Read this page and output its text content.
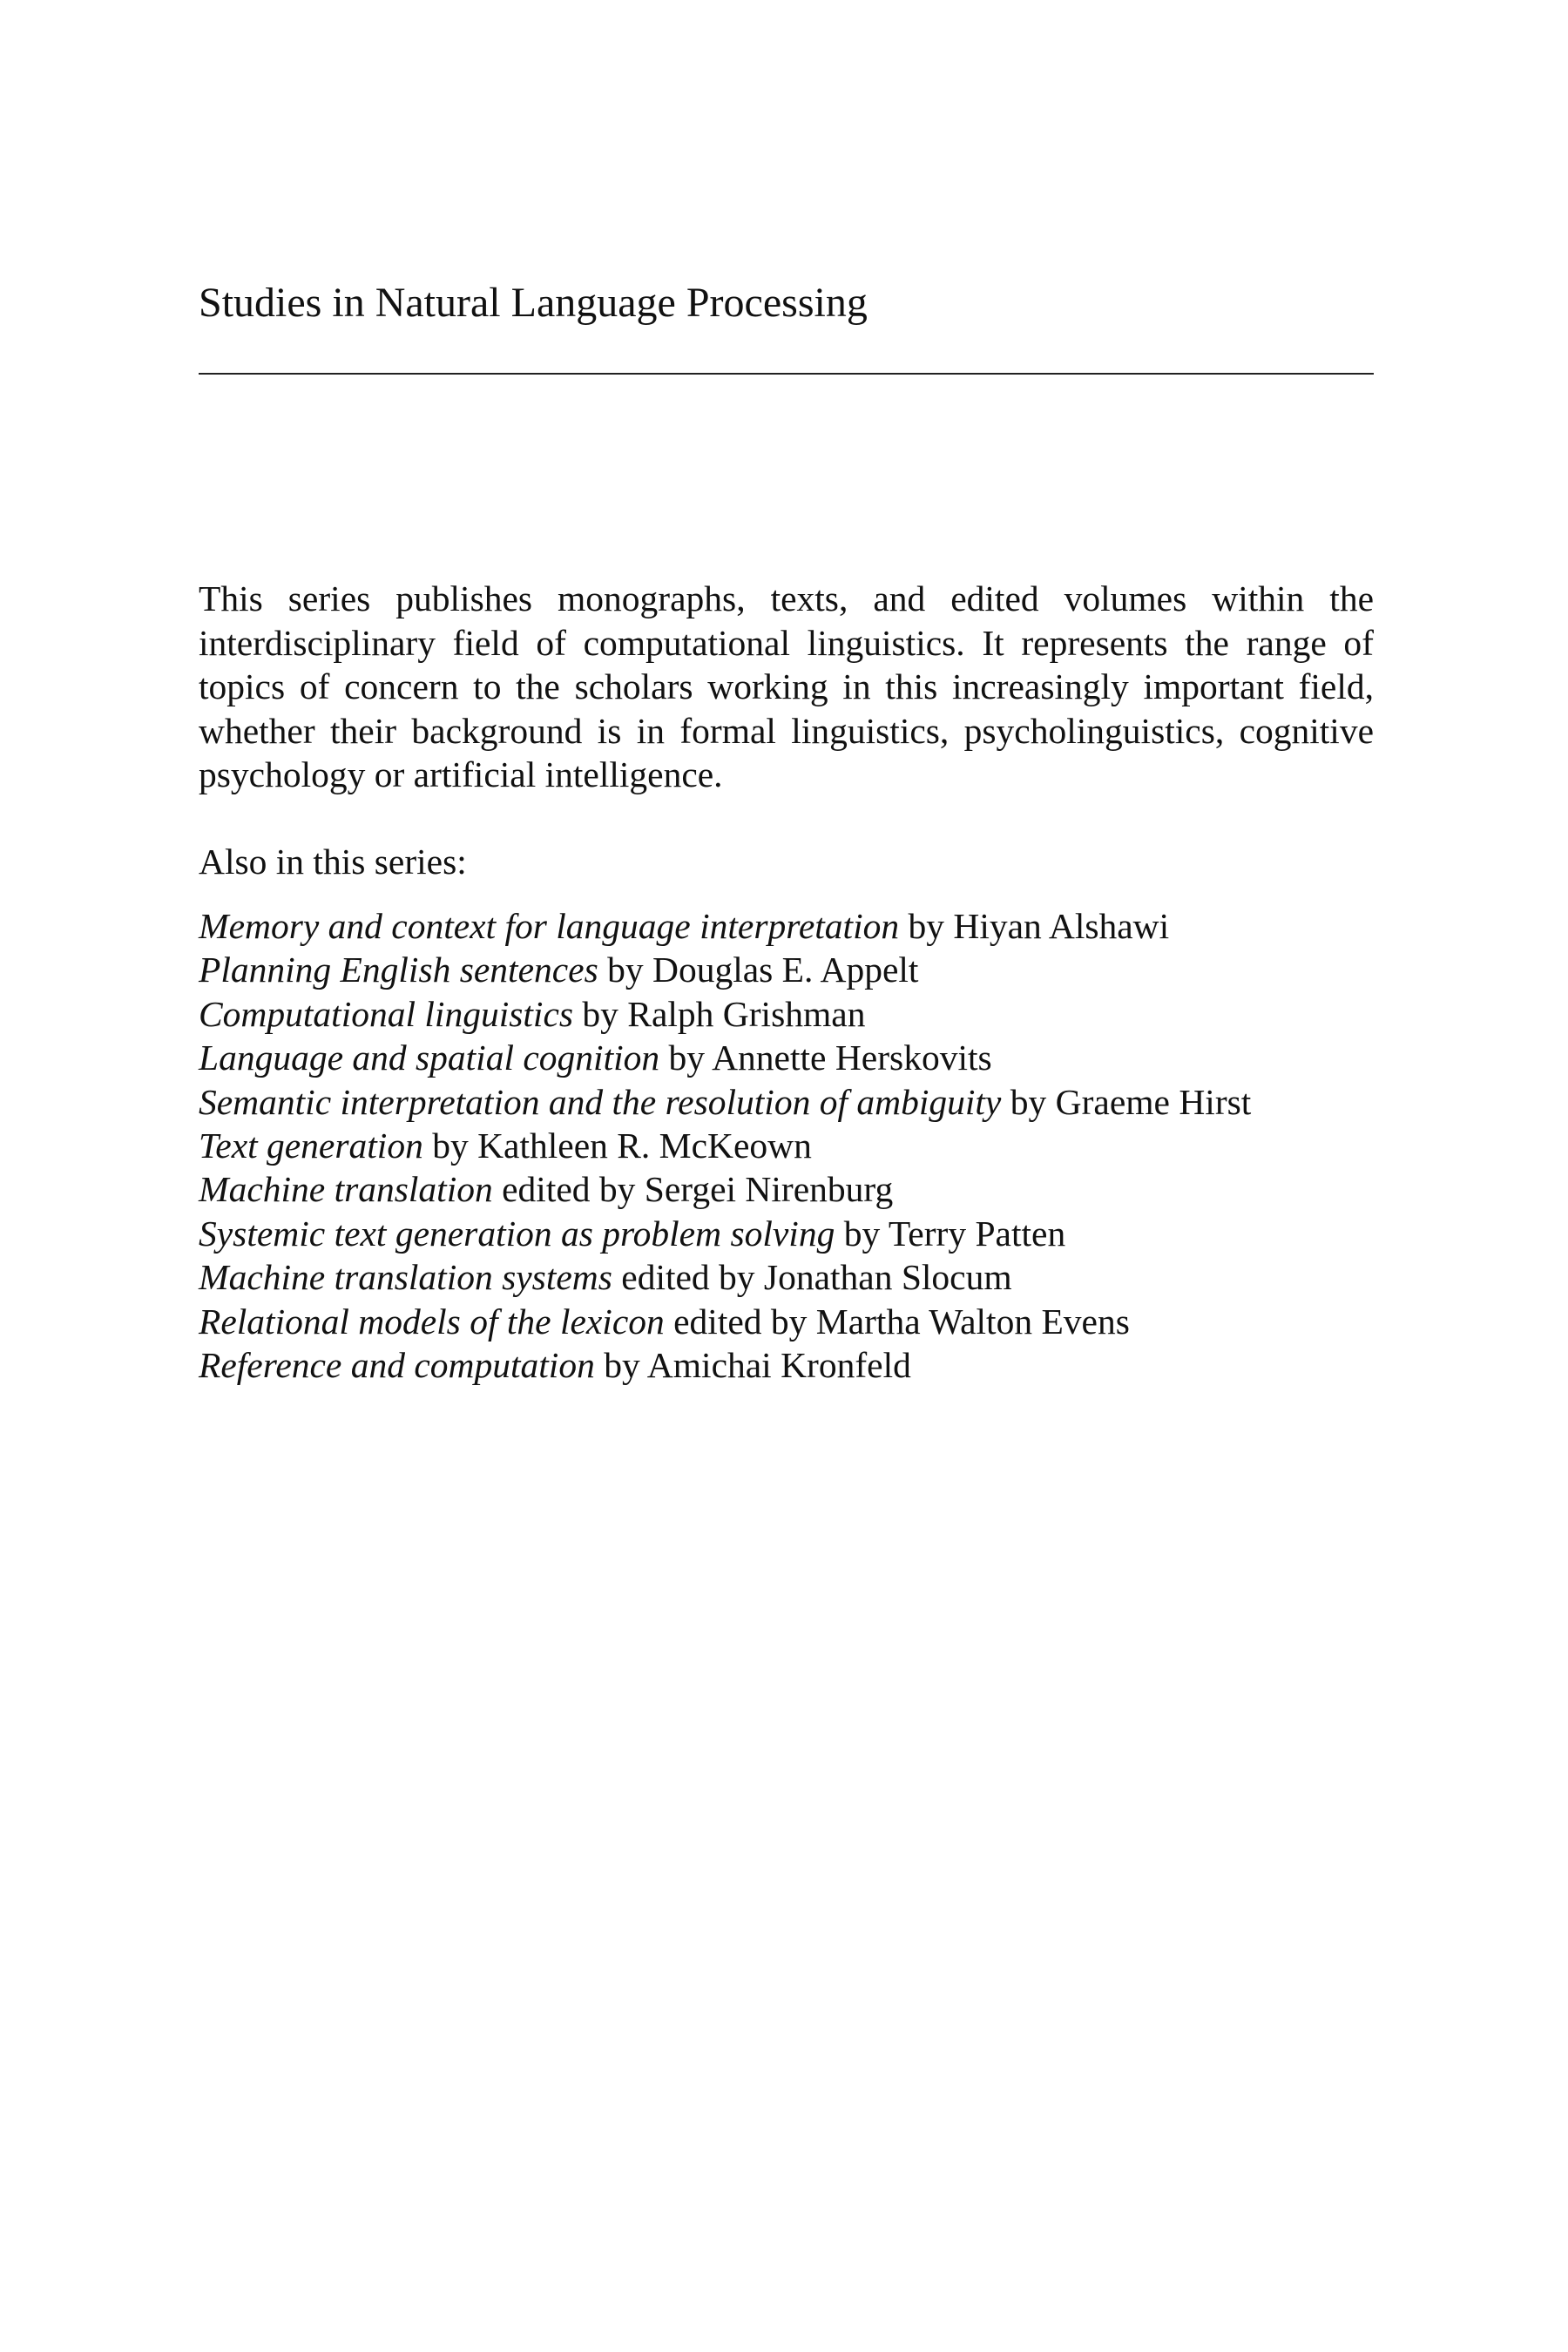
Studies in Natural Language Processing

This series publishes monographs, texts, and edited volumes within the
interdisciplinary field of computational linguistics. It represents the range of
topics of concern to the scholars working in this increasingly important field,
whether their background is in formal linguistics, psycholinguistics, cognitive
psychology or artificial intelligence.

Also in this series:

Memory and context for language interpretation by Hiyan Alshawi
Planning English sentences by Douglas E. Appelt
Computational linguistics by Ralph Grishman
Language and spatial cognition by Annette Herskovits
Semantic interpretation and the resolution of ambiguity by Graeme Hirst
Text generation by Kathleen R. McKeown
Machine translation edited by Sergei Nirenburg
Systemic text generation as problem solving by Terry Patten
Machine translation systems edited by Jonathan Slocum
Relational models of the lexicon edited by Martha Walton Evens
Reference and computation by Amichai Kronfeld
